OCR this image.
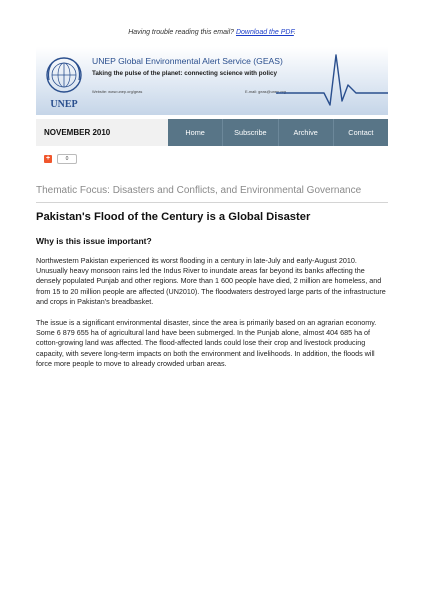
Having trouble reading this email? Download the PDF.
UNEP
UNEP Global Environmental Alert Service (GEAS)
Taking the pulse of the planet: connecting science with policy
Website: www.unep.org/geas	E-mail: geas@unep.org
NOVEMBER 2010	Home	Subscribe	Archive	Contact
+	0
Thematic Focus: Disasters and Conflicts, and Environmental Governance
Pakistan's Flood of the Century is a Global Disaster
Why is this issue important?

Northwestern Pakistan experienced its worst flooding in a century in late-July and early-August 2010. Unusually heavy monsoon rains led the Indus River to inundate areas far beyond its banks affecting the densely populated Punjab and other regions. More than 1 600 people have died, 2 million are homeless, and from 15 to 20 million people are affected (UN2010). The floodwaters destroyed large parts of the infrastructure and crops in Pakistan's breadbasket.

The issue is a significant environmental disaster, since the area is primarily based on an agrarian economy. Some 6 879 655 ha of agricultural land have been submerged. In the Punjab alone, almost 404 685 ha of cotton-growing land was affected. The flood-affected lands could lose their crop and livestock producing capacity, with severe long-term impacts on both the environment and livelihoods. In addition, the floods will force more people to move to already crowded urban areas.
